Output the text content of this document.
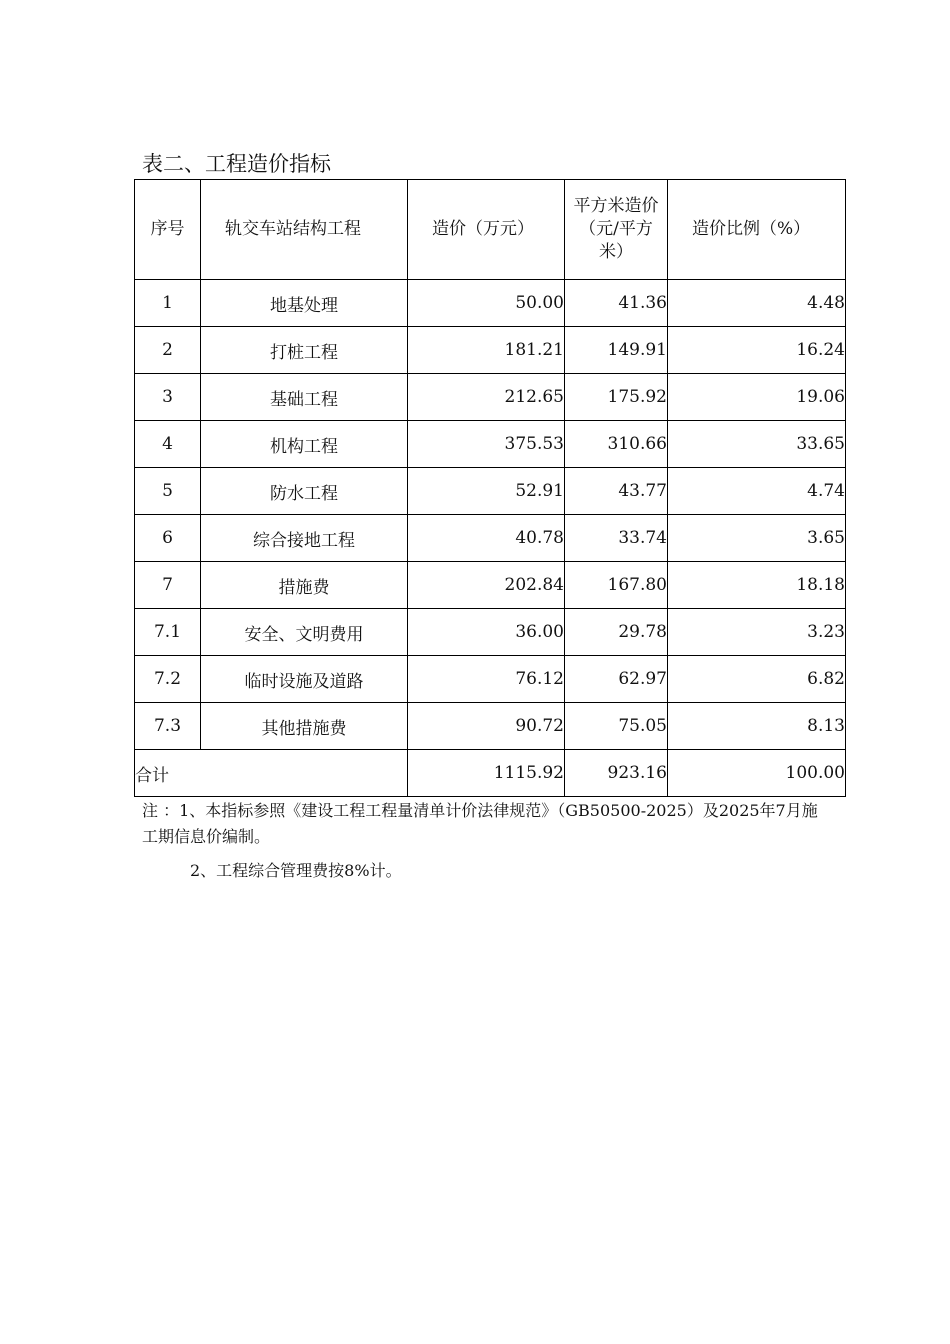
表二、工程造价指标
序号	轨交车站结构工程	造价（万元）	平方米造价（元/平方米）	造价比例（%）
1	地基处理	50.00	41.36	4.48
2	打桩工程	181.21	149.91	16.24
3	基础工程	212.65	175.92	19.06
4	机构工程	375.53	310.66	33.65
5	防水工程	52.91	43.77	4.74
6	综合接地工程	40.78	33.74	3.65
7	措施费	202.84	167.80	18.18
7.1	安全、文明费用	36.00	29.78	3.23
7.2	临时设施及道路	76.12	62.97	6.82
7.3	其他措施费	90.72	75.05	8.13
合计		1115.92	923.16	100.00
注 ：1、本指标参照《建设工程工程量清单计价法律规范》（GB50500-2025）及2025年7月施工期信息价编制。
2、工程综合管理费按8%计。
